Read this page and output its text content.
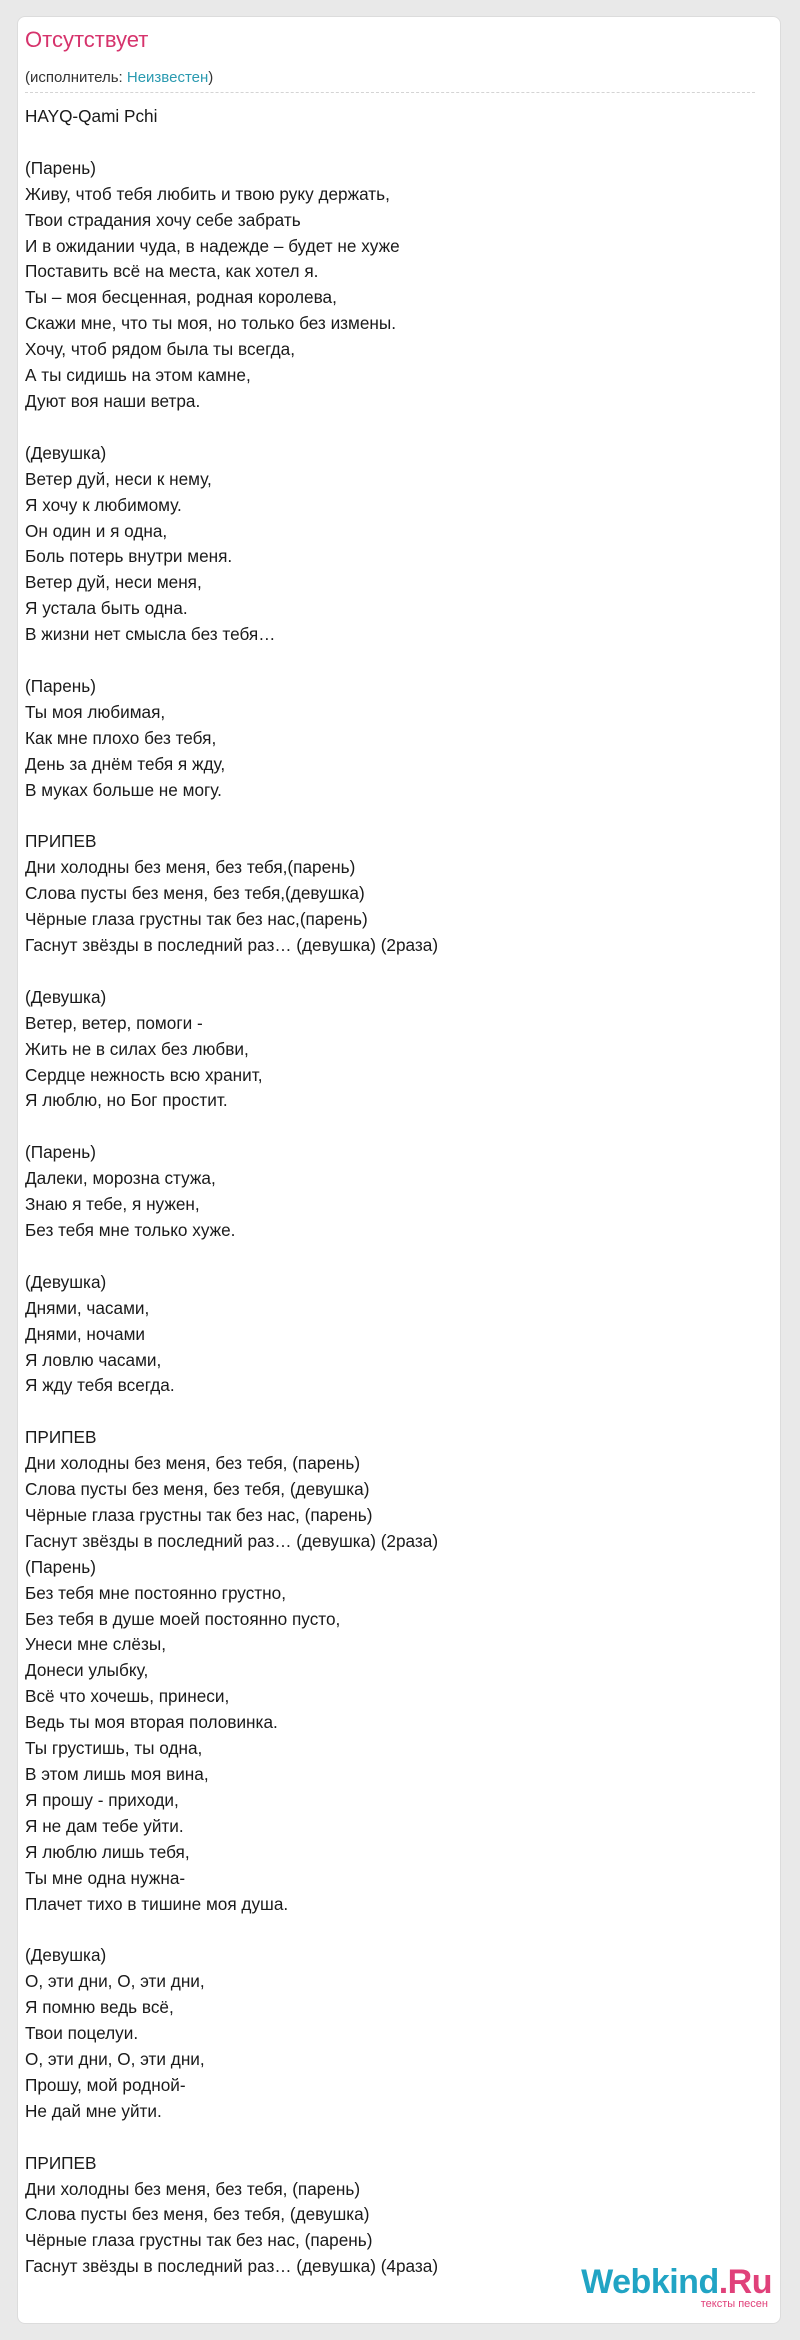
Отсутствует
(исполнитель: Неизвестен)
HAYQ-Qami Pchi

(Парень)
Живу, чтоб тебя любить и твою руку держать,
Твои страдания хочу себе забрать
И в ожидании чуда, в надежде – будет не хуже
Поставить всё на места, как хотел я.
Ты – моя бесценная, родная королева,
Скажи мне, что ты моя, но только без измены.
Хочу, чтоб рядом была ты всегда,
А ты сидишь на этом камне,
Дуют воя наши ветра.

(Девушка)
Ветер дуй, неси к нему,
Я хочу к любимому.
Он один и я одна,
Боль потерь внутри меня.
Ветер дуй, неси меня,
Я устала быть одна.
В жизни нет смысла без тебя…

(Парень)
Ты моя любимая,
Как мне плохо без тебя,
День за днём тебя я жду,
В муках больше не могу.

ПРИПЕВ
Дни холодны без меня, без тебя,(парень)
Слова пусты без меня, без тебя,(девушка)
Чёрные глаза грустны так без нас,(парень)
Гаснут звёзды в последний раз… (девушка) (2раза)

(Девушка)
Ветер, ветер, помоги -
Жить не в силах без любви,
Сердце нежность всю хранит,
Я люблю, но Бог простит.

(Парень)
Далеки, морозна стужа,
Знаю я тебе, я нужен,
Без тебя мне только хуже.

(Девушка)
Днями, часами,
Днями, ночами
Я ловлю часами,
Я жду тебя всегда.

ПРИПЕВ
Дни холодны без меня, без тебя, (парень)
Слова пусты без меня, без тебя, (девушка)
Чёрные глаза грустны так без нас, (парень)
Гаснут звёзды в последний раз… (девушка) (2раза)
(Парень)
Без тебя мне постоянно грустно,
Без тебя в душе моей постоянно пусто,
Унеси мне слёзы,
Донеси улыбку,
Всё что хочешь, принеси,
Ведь ты моя вторая половинка.
Ты грустишь, ты одна,
В этом лишь моя вина,
Я прошу - приходи,
Я не дам тебе уйти.
Я люблю лишь тебя,
Ты мне одна нужна-
Плачет тихо в тишине моя душа.

(Девушка)
О, эти дни, О, эти дни,
Я помню ведь всё,
Твои поцелуи.
О, эти дни, О, эти дни,
Прошу, мой родной-
Не дай мне уйти.

ПРИПЕВ
Дни холодны без меня, без тебя, (парень)
Слова пусты без меня, без тебя, (девушка)
Чёрные глаза грустны так без нас, (парень)
Гаснут звёзды в последний раз… (девушка) (4раза)	Webkind.Ru
тексты песен
